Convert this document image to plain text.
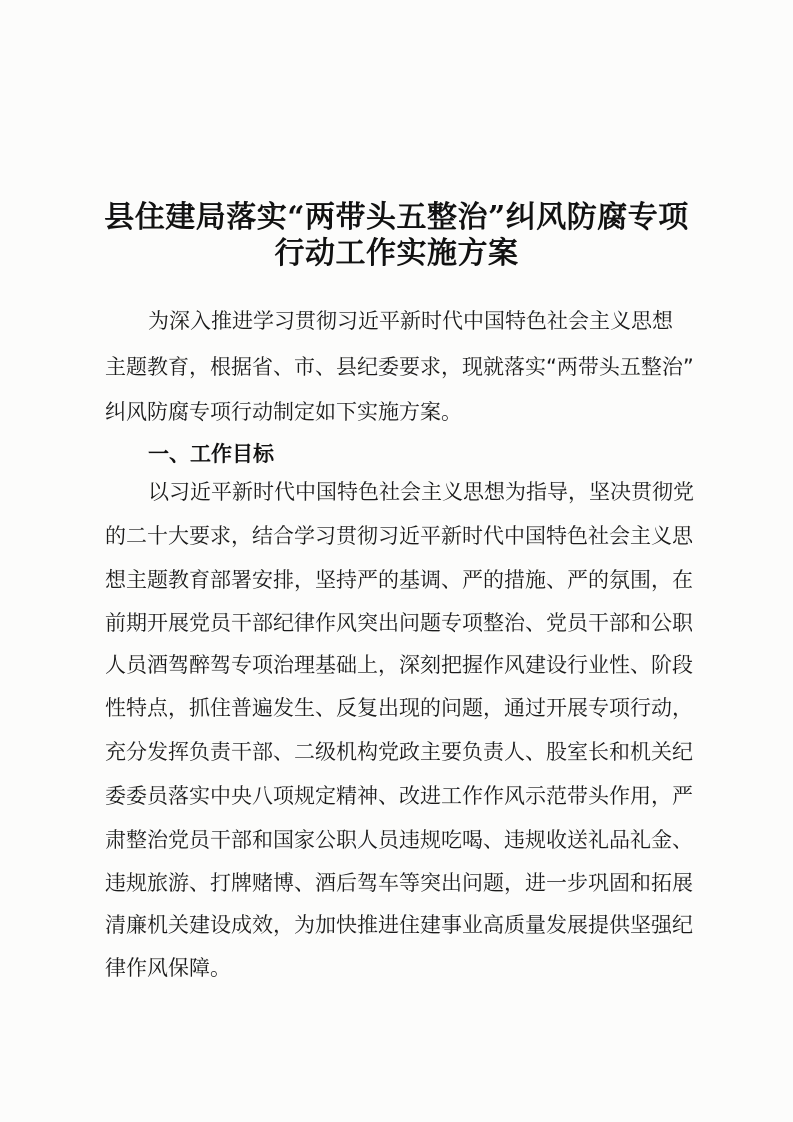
县住建局落实“两带头五整治”纠风防腐专项
行动工作实施方案
为深入推进学习贯彻习近平新时代中国特色社会主义思想
主题教育，根据省、市、县纪委要求，现就落实“两带头五整治”
纠风防腐专项行动制定如下实施方案。
一、工作目标
以习近平新时代中国特色社会主义思想为指导，坚决贯彻党
的二十大要求，结合学习贯彻习近平新时代中国特色社会主义思
想主题教育部署安排，坚持严的基调、严的措施、严的氛围，在
前期开展党员干部纪律作风突出问题专项整治、党员干部和公职
人员酒驾醉驾专项治理基础上，深刻把握作风建设行业性、阶段
性特点，抓住普遍发生、反复出现的问题，通过开展专项行动，
充分发挥负责干部、二级机构党政主要负责人、股室长和机关纪
委委员落实中央八项规定精神、改进工作作风示范带头作用，严
肃整治党员干部和国家公职人员违规吃喝、违规收送礼品礼金、
违规旅游、打牌赌博、酒后驾车等突出问题，进一步巩固和拓展
清廉机关建设成效，为加快推进住建事业高质量发展提供坚强纪
律作风保障。
